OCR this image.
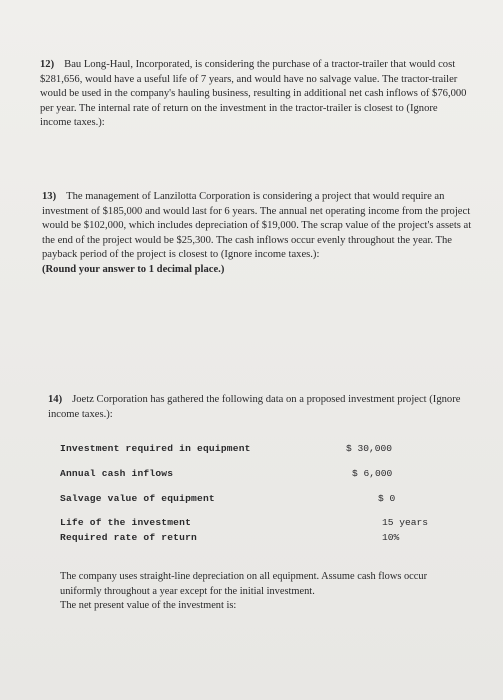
12) Bau Long-Haul, Incorporated, is considering the purchase of a tractor-trailer that would cost $281,656, would have a useful life of 7 years, and would have no salvage value. The tractor-trailer would be used in the company's hauling business, resulting in additional net cash inflows of $76,000 per year. The internal rate of return on the investment in the tractor-trailer is closest to (Ignore income taxes.):
13) The management of Lanzilotta Corporation is considering a project that would require an investment of $185,000 and would last for 6 years. The annual net operating income from the project would be $102,000, which includes depreciation of $19,000. The scrap value of the project's assets at the end of the project would be $25,300. The cash inflows occur evenly throughout the year. The payback period of the project is closest to (Ignore income taxes.):
(Round your answer to 1 decimal place.)
14) Joetz Corporation has gathered the following data on a proposed investment project (Ignore income taxes.):
Investment required in equipment	$ 30,000
Annual cash inflows	$ 6,000
Salvage value of equipment	$ 0
Life of the investment	15 years
Required rate of return	10%

The company uses straight-line depreciation on all equipment. Assume cash flows occur uniformly throughout a year except for the initial investment.

The net present value of the investment is:
